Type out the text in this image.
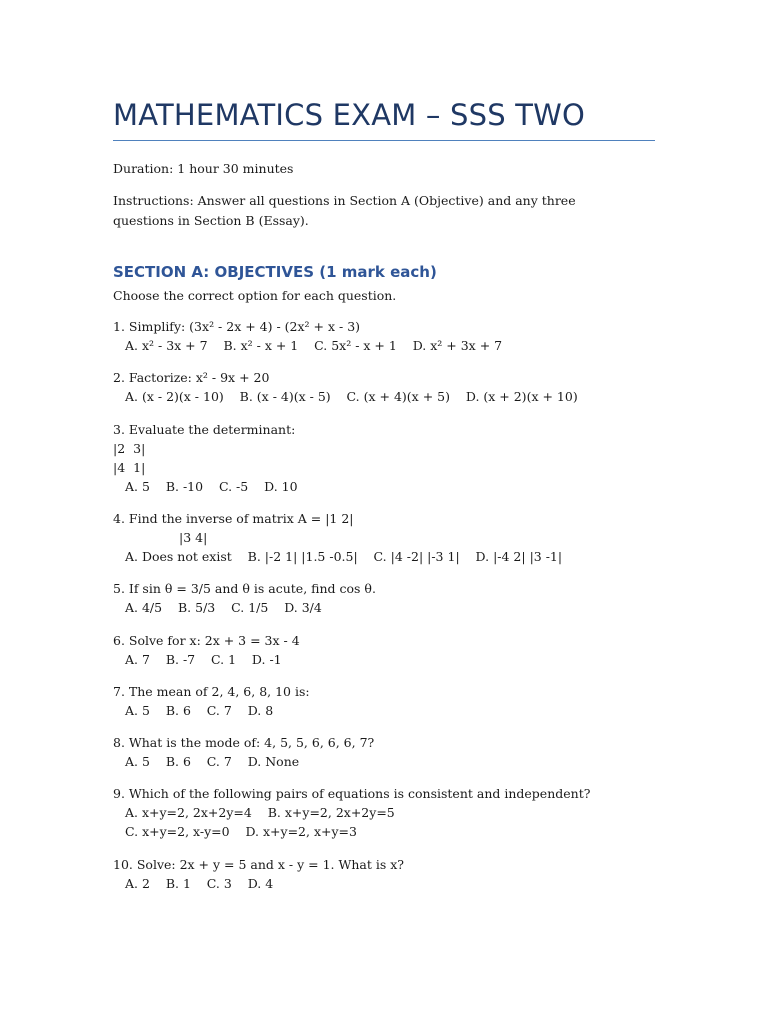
MATHEMATICS EXAM – SSS TWO

Duration: 1 hour 30 minutes

Instructions: Answer all questions in Section A (Objective) and any three questions in Section B (Essay).

SECTION A: OBJECTIVES (1 mark each)

Choose the correct option for each question.

1. Simplify: (3x² - 2x + 4) - (2x² + x - 3)
A. x² - 3x + 7    B. x² - x + 1    C. 5x² - x + 1    D. x² + 3x + 7
2. Factorize: x² - 9x + 20
A. (x - 2)(x - 10)    B. (x - 4)(x - 5)    C. (x + 4)(x + 5)    D. (x + 2)(x + 10)
3. Evaluate the determinant:
|2  3|
|4  1|
A. 5    B. -10    C. -5    D. 10
4. Find the inverse of matrix A = |1 2|
|3 4|
A. Does not exist    B. |-2 1| |1.5 -0.5|    C. |4 -2| |-3 1|    D. |-4 2| |3 -1|
5. If sin θ = 3/5 and θ is acute, find cos θ.
A. 4/5    B. 5/3    C. 1/5    D. 3/4
6. Solve for x: 2x + 3 = 3x - 4
A. 7    B. -7    C. 1    D. -1
7. The mean of 2, 4, 6, 8, 10 is:
A. 5    B. 6    C. 7    D. 8
8. What is the mode of: 4, 5, 5, 6, 6, 6, 7?
A. 5    B. 6    C. 7    D. None
9. Which of the following pairs of equations is consistent and independent?
A. x+y=2, 2x+2y=4    B. x+y=2, 2x+2y=5
C. x+y=2, x-y=0    D. x+y=2, x+y=3
10. Solve: 2x + y = 5 and x - y = 1. What is x?
A. 2    B. 1    C. 3    D. 4
